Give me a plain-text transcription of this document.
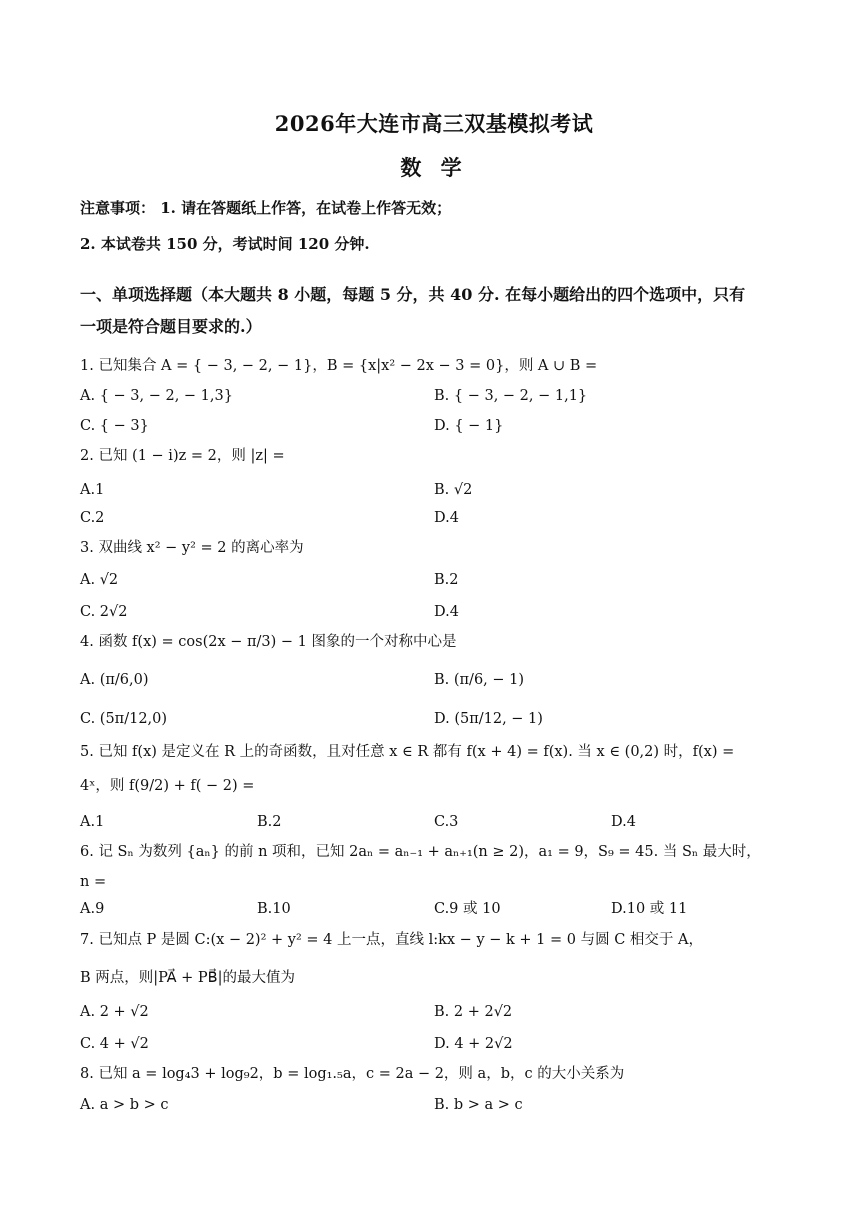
2026年大连市高三双基模拟考试
数 学
注意事项： 1. 请在答题纸上作答，在试卷上作答无效；
2. 本试卷共 150 分，考试时间 120 分钟.
一、单项选择题（本大题共 8 小题，每题 5 分，共 40 分. 在每小题给出的四个选项中，只有
一项是符合题目要求的.）
1. 已知集合 A = { − 3, − 2, − 1}，B = {x|x² − 2x − 3 = 0}，则 A ∪ B =
A. { − 3, − 2, − 1,3}	B. { − 3, − 2, − 1,1}
C. { − 3}	D. { − 1}
2. 已知 (1 − i)z = 2，则 |z| =
A.1	B. √2
C.2	D.4
3. 双曲线 x² − y² = 2 的离心率为
A. √2	B.2
C. 2√2	D.4
4. 函数 f(x) = cos(2x − π/3) − 1 图象的一个对称中心是
A. (π/6,0)	B. (π/6, − 1)
C. (5π/12,0)	D. (5π/12, − 1)
5. 已知 f(x) 是定义在 R 上的奇函数，且对任意 x ∈ R 都有 f(x + 4) = f(x). 当 x ∈ (0,2) 时，f(x) =
4ˣ，则 f(9/2) + f( − 2) =
A.1	B.2	C.3	D.4
6. 记 Sₙ 为数列 {aₙ} 的前 n 项和，已知 2aₙ = aₙ₋₁ + aₙ₊₁(n ≥ 2)，a₁ = 9，S₉ = 45. 当 Sₙ 最大时，
n =
A.9	B.10	C.9 或 10	D.10 或 11
7. 已知点 P 是圆 C:(x − 2)² + y² = 4 上一点，直线 l:kx − y − k + 1 = 0 与圆 C 相交于 A，
B 两点，则|PA⃗ + PB⃗|的最大值为
A. 2 + √2	B. 2 + 2√2
C. 4 + √2	D. 4 + 2√2
8. 已知 a = log₄3 + log₉2，b = log₁.₅a，c = 2a − 2，则 a，b，c 的大小关系为
A. a > b > c	B. b > a > c
